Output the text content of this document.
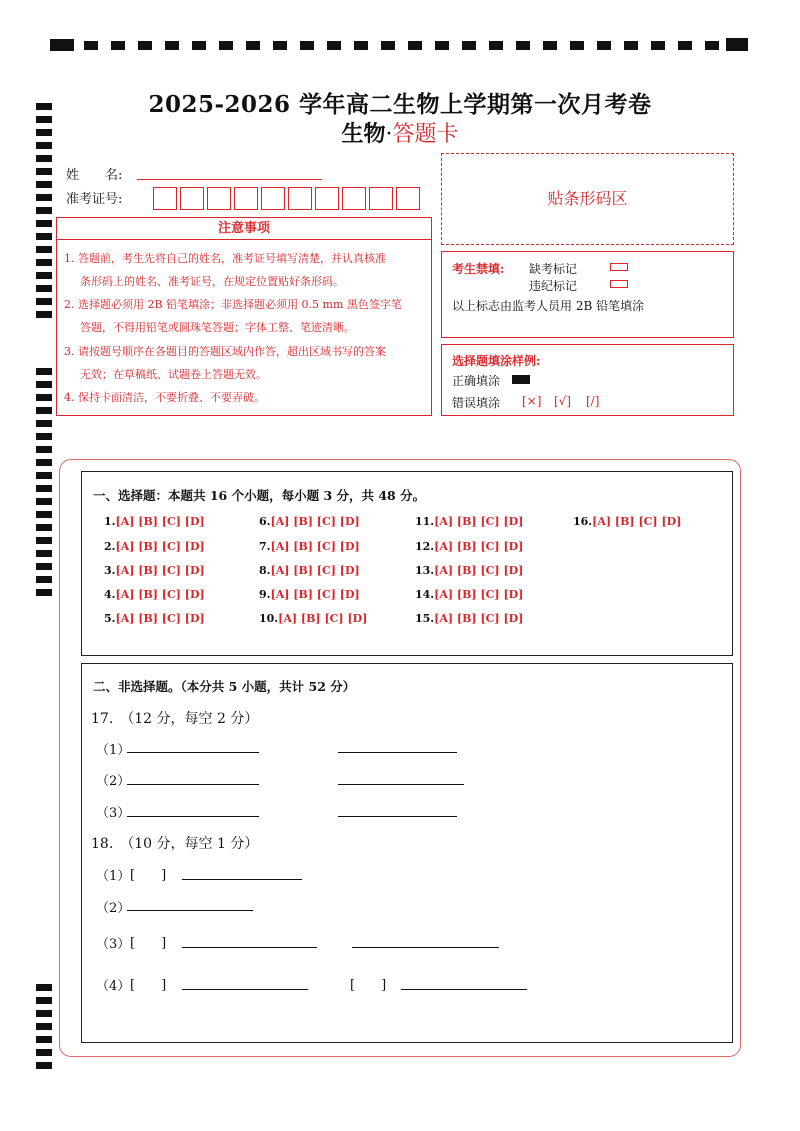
2025-2026 学年高二生物上学期第一次月考卷
生物·答题卡
姓　　名:
准考证号:	贴条形码区
注意事项
1. 答题前，考生先将自己的姓名，准考证号填写清楚，并认真核准
条形码上的姓名、准考证号，在规定位置贴好条形码。
2. 选择题必须用 2B 铅笔填涂；非选择题必须用 0.5 mm 黑色签字笔
答题，不得用铅笔或圆珠笔答题；字体工整、笔迹清晰。
3. 请按题号顺序在各题目的答题区域内作答，超出区域书写的答案
无效；在草稿纸、试题卷上答题无效。
4. 保持卡面清洁，不要折叠、不要弄破。
考生禁填: 缺考标记
违纪标记
以上标志由监考人员用 2B 铅笔填涂
选择题填涂样例:
正确填涂
错误填涂 [×] [√] [/]
一、选择题：本题共 16 个小题，每小题 3 分，共 48 分。
1.[A] [B] [C] [D]
2.[A] [B] [C] [D]
3.[A] [B] [C] [D]
4.[A] [B] [C] [D]
5.[A] [B] [C] [D]
6.[A] [B] [C] [D]
7.[A] [B] [C] [D]
8.[A] [B] [C] [D]
9.[A] [B] [C] [D]
10.[A] [B] [C] [D]
11.[A] [B] [C] [D]
12.[A] [B] [C] [D]
13.[A] [B] [C] [D]
14.[A] [B] [C] [D]
15.[A] [B] [C] [D]
16.[A] [B] [C] [D]
二、非选择题。（本分共 5 小题，共计 52 分）
17.　（12 分，每空 2 分）
（1）
（2）
（3）
18.　（10 分，每空 1 分）
（1） [　　]
（2）
（3） [　　]
（4） [　　]	[　　]
